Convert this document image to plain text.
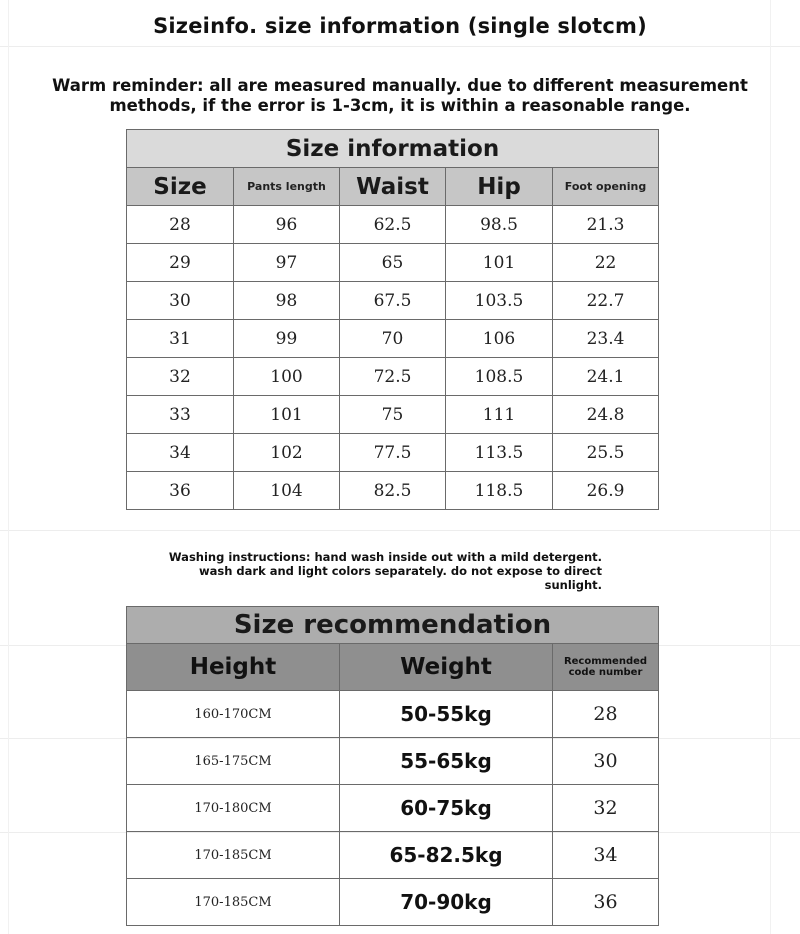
Sizeinfo. size information (single slotcm)
Warm reminder: all are measured manually. due to different measurement
methods, if the error is 1-3cm, it is within a reasonable range.
Size information				
Size	Pants length	Waist	Hip	Foot opening
28	96	62.5	98.5	21.3
29	97	65	101	22
30	98	67.5	103.5	22.7
31	99	70	106	23.4
32	100	72.5	108.5	24.1
33	101	75	111	24.8
34	102	77.5	113.5	25.5
36	104	82.5	118.5	26.9
Washing instructions: hand wash inside out with a mild detergent.
wash dark and light colors separately. do not expose to direct
sunlight.
Size recommendation		
Height	Weight	Recommended code number
160-170CM	50-55kg	28
165-175CM	55-65kg	30
170-180CM	60-75kg	32
170-185CM	65-82.5kg	34
170-185CM	70-90kg	36
